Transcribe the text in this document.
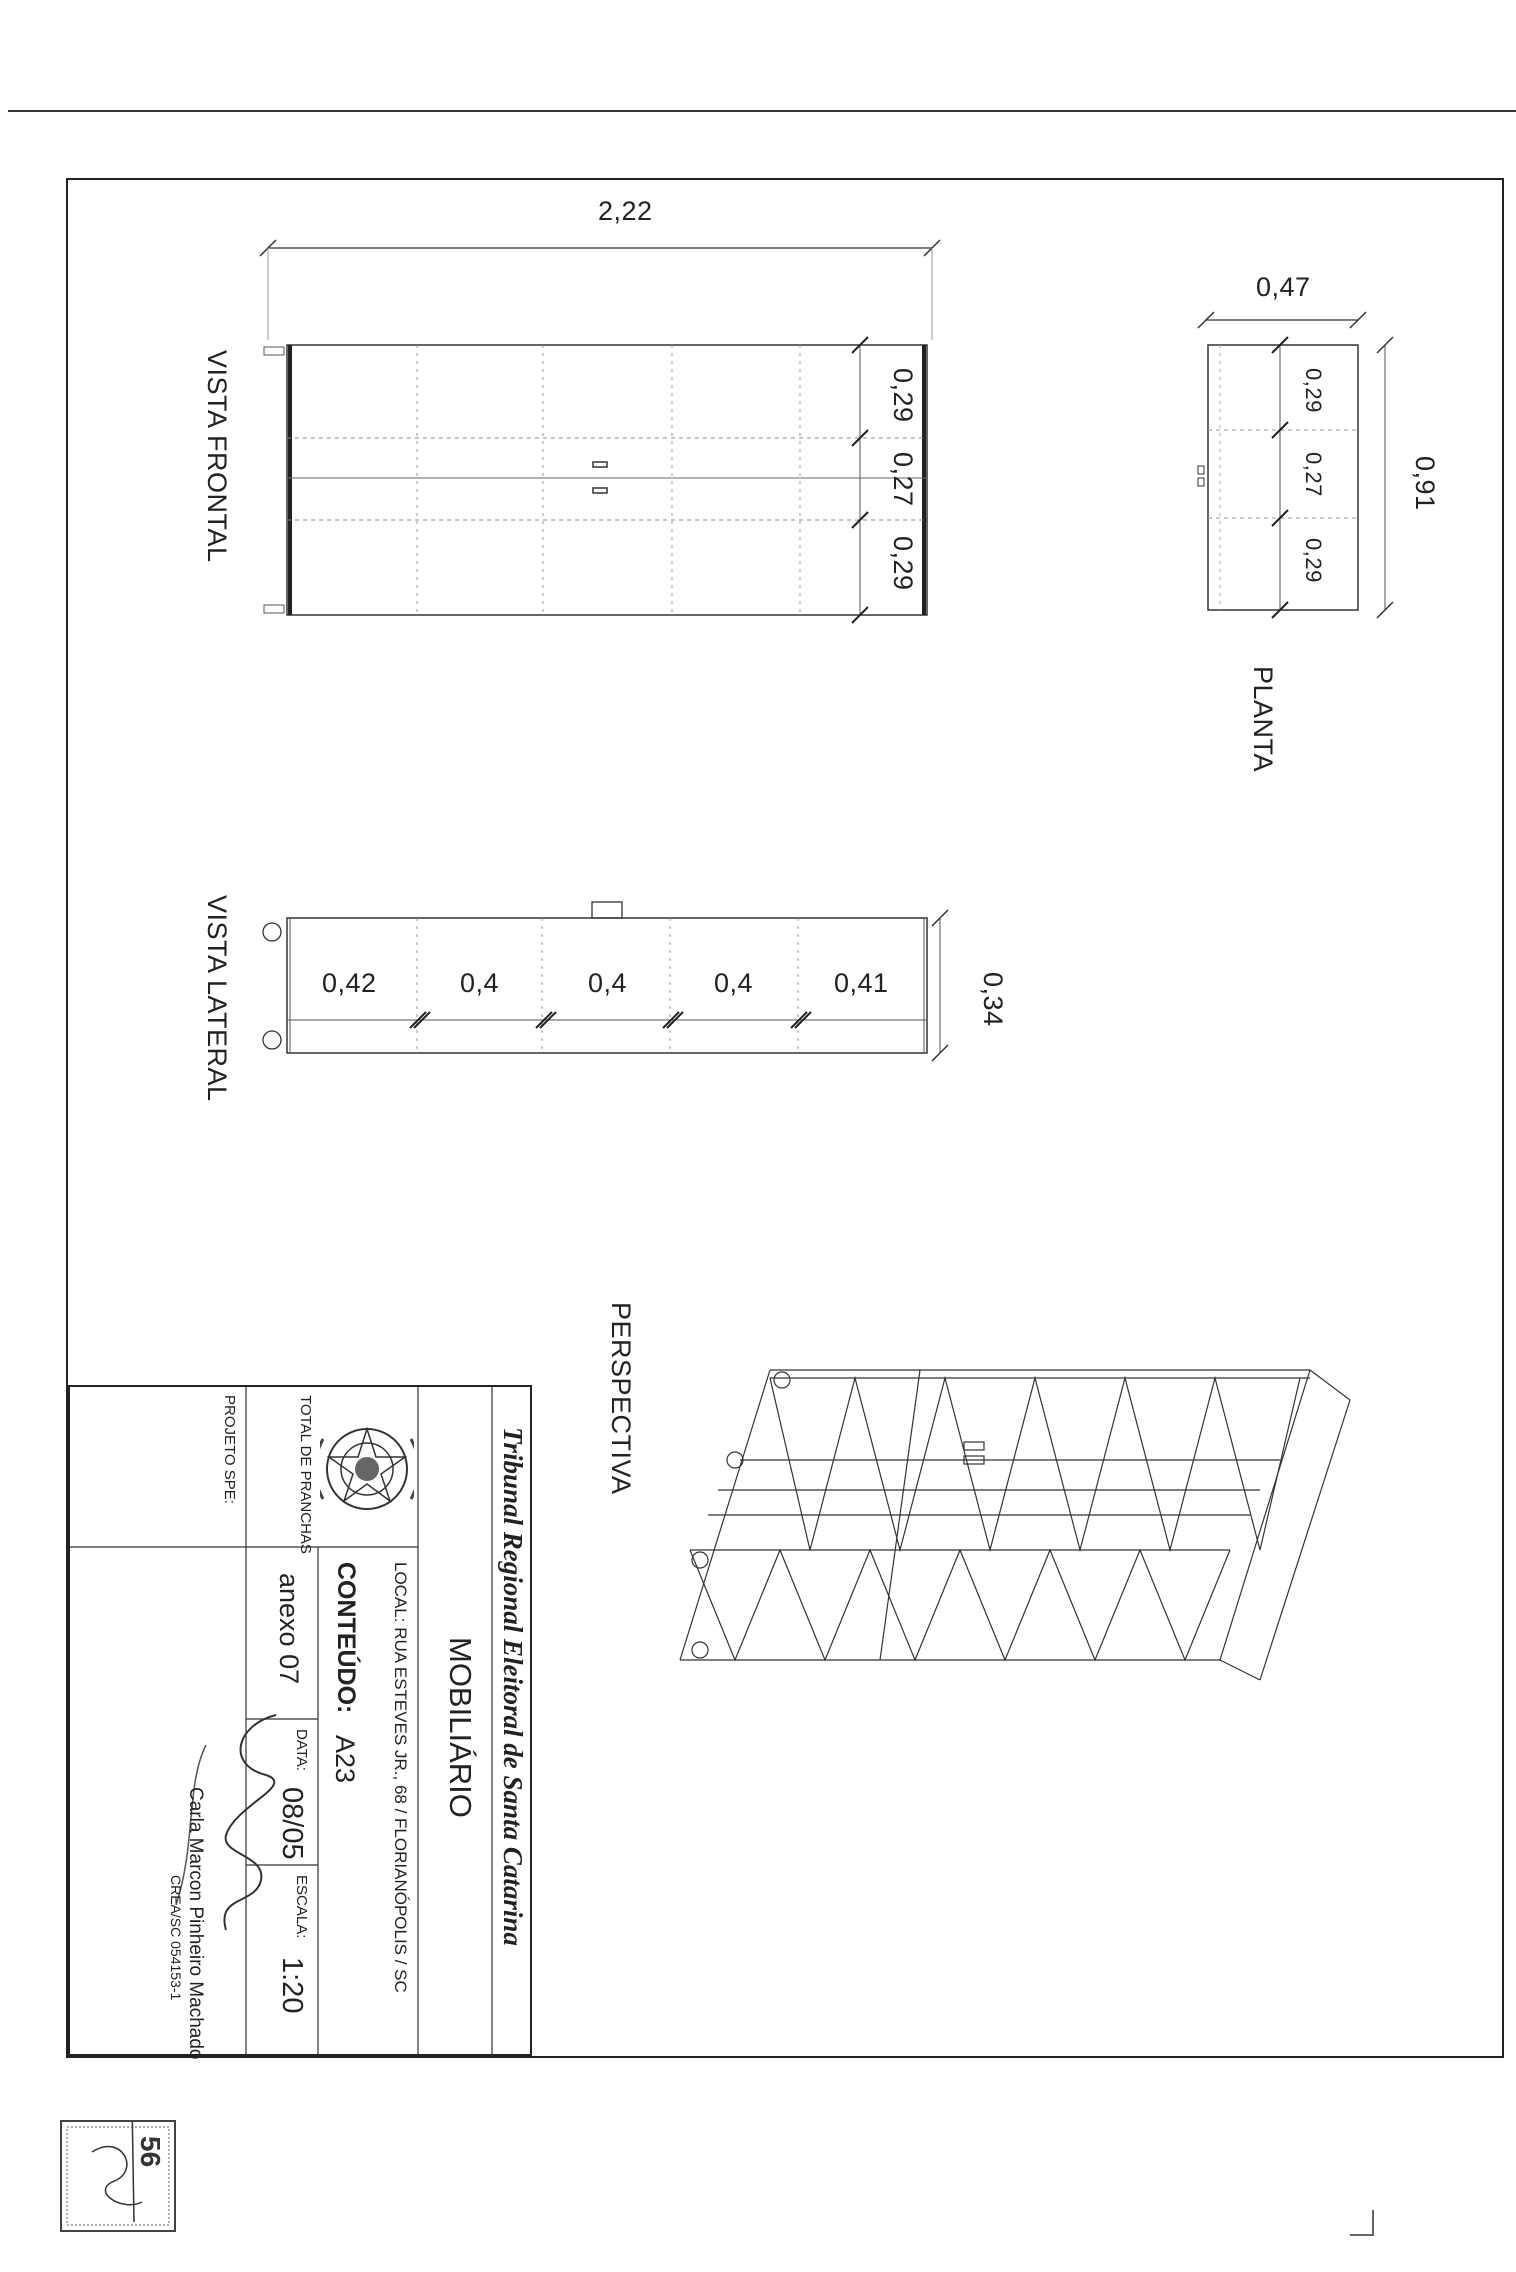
2,22
0,29
0,27
0,29
VISTA FRONTAL
0,47
0,91
0,29
0,27
0,29
PLANTA
0,42	0,4	0,4	0,4	0,41	0,34
VISTA LATERAL
PERSPECTIVA
Tribunal Regional Eleitoral de Santa Catarina
MOBILIÁRIO
LOCAL: RUA ESTEVES JR., 68 / FLORIANÓPOLIS / SC
CONTEÚDO:
A23
TOTAL DE PRANCHAS
anexo 07
DATA:
08/05
ESCALA:
1:20
PROJETO SPE:
Carla Marcon Pinheiro Machado
CREA/SC 054153-1
56
